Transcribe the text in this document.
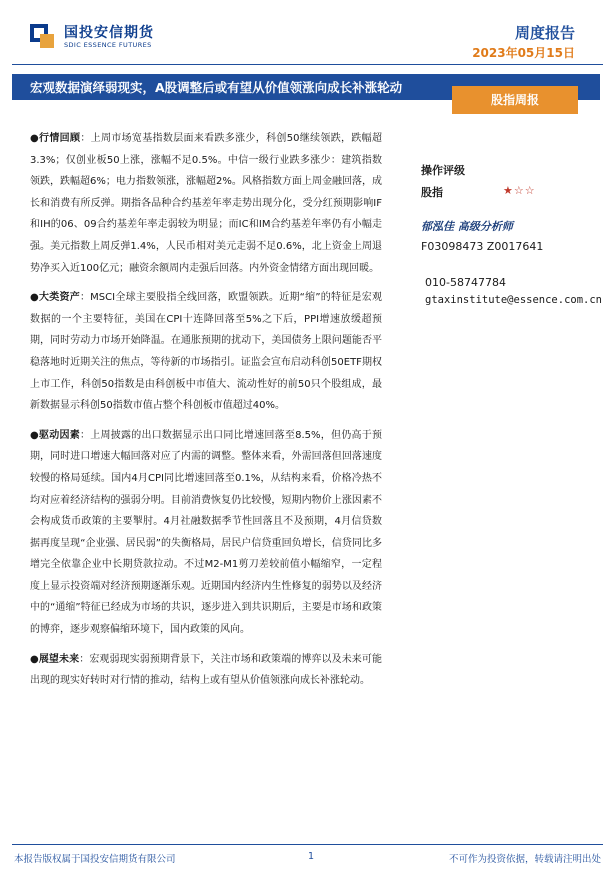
国投安信期货
SDIC ESSENCE FUTURES
周度报告
2023年05月15日
宏观数据演绎弱现实，A股调整后或有望从价值领涨向成长补涨轮动
股指周报

●行情回顾：上周市场宽基指数层面来看跌多涨少，科创50继续领跌，跌幅超3.3%；仅创业板50上涨，涨幅不足0.5%。中信一级行业跌多涨少：建筑指数领跌，跌幅超6%；电力指数领涨，涨幅超2%。风格指数方面上周金融回落，成长和消费有所反弹。期指各品种合约基差年率走势出现分化，受分红预期影响IF和IH的06、09合约基差年率走弱较为明显；而IC和IM合约基差年率仍有小幅走强。美元指数上周反弹1.4%，人民币相对美元走弱不足0.6%，北上资金上周退势净买入近100亿元；融资余额周内走强后回落。内外资金情绪方面出现回暖。

●大类资产：MSCI全球主要股指全线回落，欧盟领跌。近期“缩”的特征是宏观数据的一个主要特征，美国在CPI十连降回落至5%之下后，PPI增速放缓超预期，同时劳动力市场开始降温。在通胀预期的扰动下，美国债务上限问题能否平稳落地时近期关注的焦点，等待新的市场指引。证监会宣布启动科创50ETF期权上市工作，科创50指数是由科创板中市值大、流动性好的前50只个股组成，最新数据显示科创50指数市值占整个科创板市值超过40%。

●驱动因素：上周披露的出口数据显示出口同比增速回落至8.5%，但仍高于预期，同时进口增速大幅回落对应了内需的调整。整体来看，外需回落但回落速度较慢的格局延续。国内4月CPI同比增速回落至0.1%，从结构来看，价格冷热不均对应着经济结构的强弱分明。目前消费恢复仍比较慢，短期内物价上涨因素不会构成货币政策的主要掣肘。4月社融数据季节性回落且不及预期，4月信贷数据再度呈现“企业强、居民弱”的失衡格局，居民户信贷重回负增长，信贷同比多增完全依靠企业中长期贷款拉动。不过M2-M1剪刀差较前值小幅缩窄，一定程度上显示投资端对经济预期逐渐乐观。近期国内经济内生性修复的弱势以及经济中的“通缩”特征已经成为市场的共识，逐步进入到共识期后，主要是市场和政策的博弈，逐步观察偏缩环境下，国内政策的风向。

●展望未来：宏观弱现实弱预期背景下，关注市场和政策端的博弈以及未来可能出现的现实好转时对行情的推动，结构上或有望从价值领涨向成长补涨轮动。

操作评级
股指	★☆☆
郁泓佳 高级分析师
F03098473 Z0017641
010-58747784
gtaxinstitute@essence.com.cn
本报告版权属于国投安信期货有限公司	1	不可作为投资依据，转载请注明出处
